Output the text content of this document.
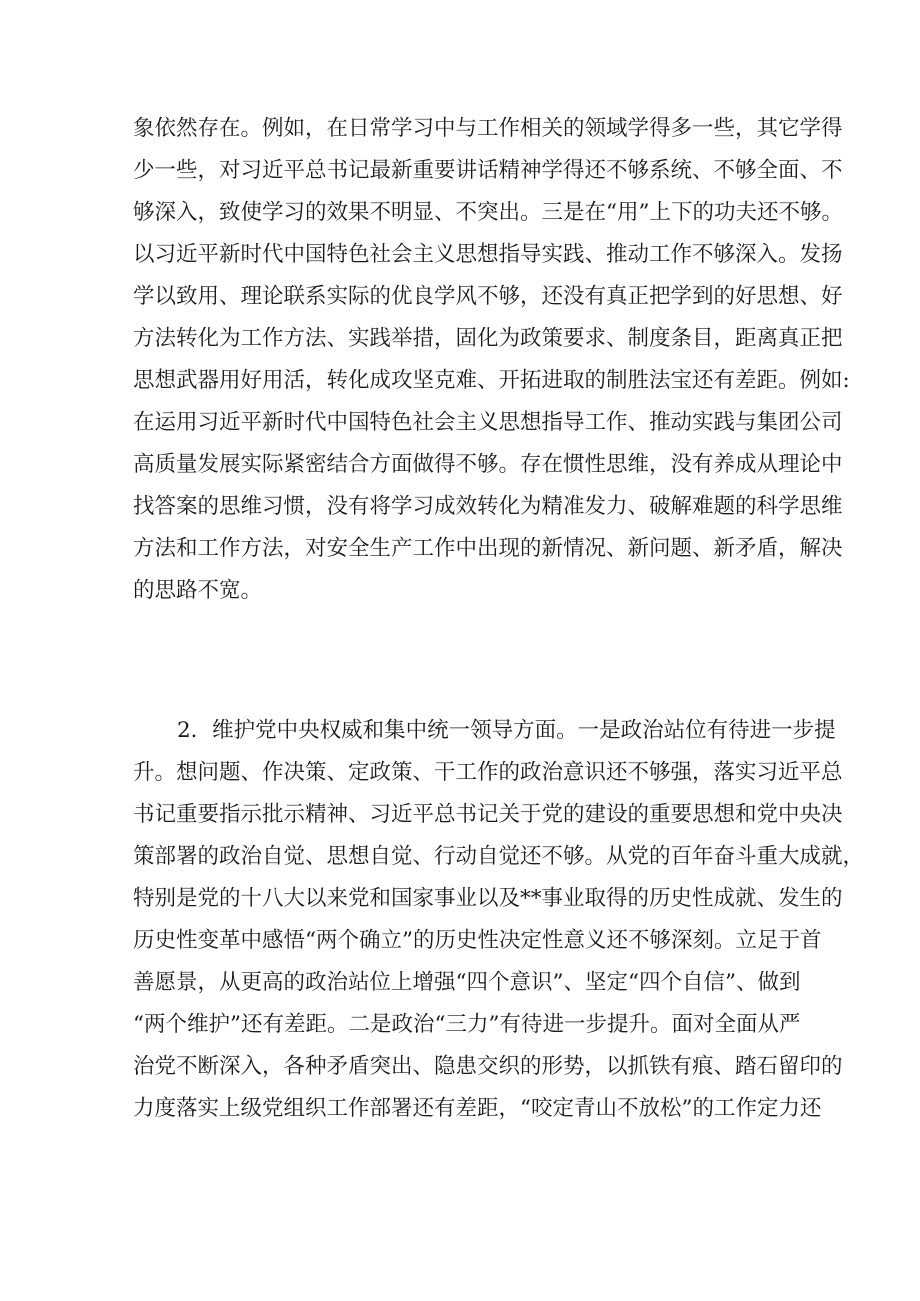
象依然存在。例如，在日常学习中与工作相关的领域学得多一些，其它学得
少一些，对习近平总书记最新重要讲话精神学得还不够系统、不够全面、不
够深入，致使学习的效果不明显、不突出。三是在“用”上下的功夫还不够。
以习近平新时代中国特色社会主义思想指导实践、推动工作不够深入。发扬
学以致用、理论联系实际的优良学风不够，还没有真正把学到的好思想、好
方法转化为工作方法、实践举措，固化为政策要求、制度条目，距离真正把
思想武器用好用活，转化成攻坚克难、开拓进取的制胜法宝还有差距。例如:
在运用习近平新时代中国特色社会主义思想指导工作、推动实践与集团公司
高质量发展实际紧密结合方面做得不够。存在惯性思维，没有养成从理论中
找答案的思维习惯，没有将学习成效转化为精准发力、破解难题的科学思维
方法和工作方法，对安全生产工作中出现的新情况、新问题、新矛盾，解决
的思路不宽。
2．维护党中央权威和集中统一领导方面。一是政治站位有待进一步提
升。想问题、作决策、定政策、干工作的政治意识还不够强，落实习近平总
书记重要指示批示精神、习近平总书记关于党的建设的重要思想和党中央决
策部署的政治自觉、思想自觉、行动自觉还不够。从党的百年奋斗重大成就，
特别是党的十八大以来党和国家事业以及**事业取得的历史性成就、发生的
历史性变革中感悟“两个确立”的历史性决定性意义还不够深刻。立足于首
善愿景，从更高的政治站位上增强“四个意识”、坚定“四个自信”、做到
“两个维护”还有差距。二是政治“三力”有待进一步提升。面对全面从严
治党不断深入，各种矛盾突出、隐患交织的形势，以抓铁有痕、踏石留印的
力度落实上级党组织工作部署还有差距，“咬定青山不放松”的工作定力还
